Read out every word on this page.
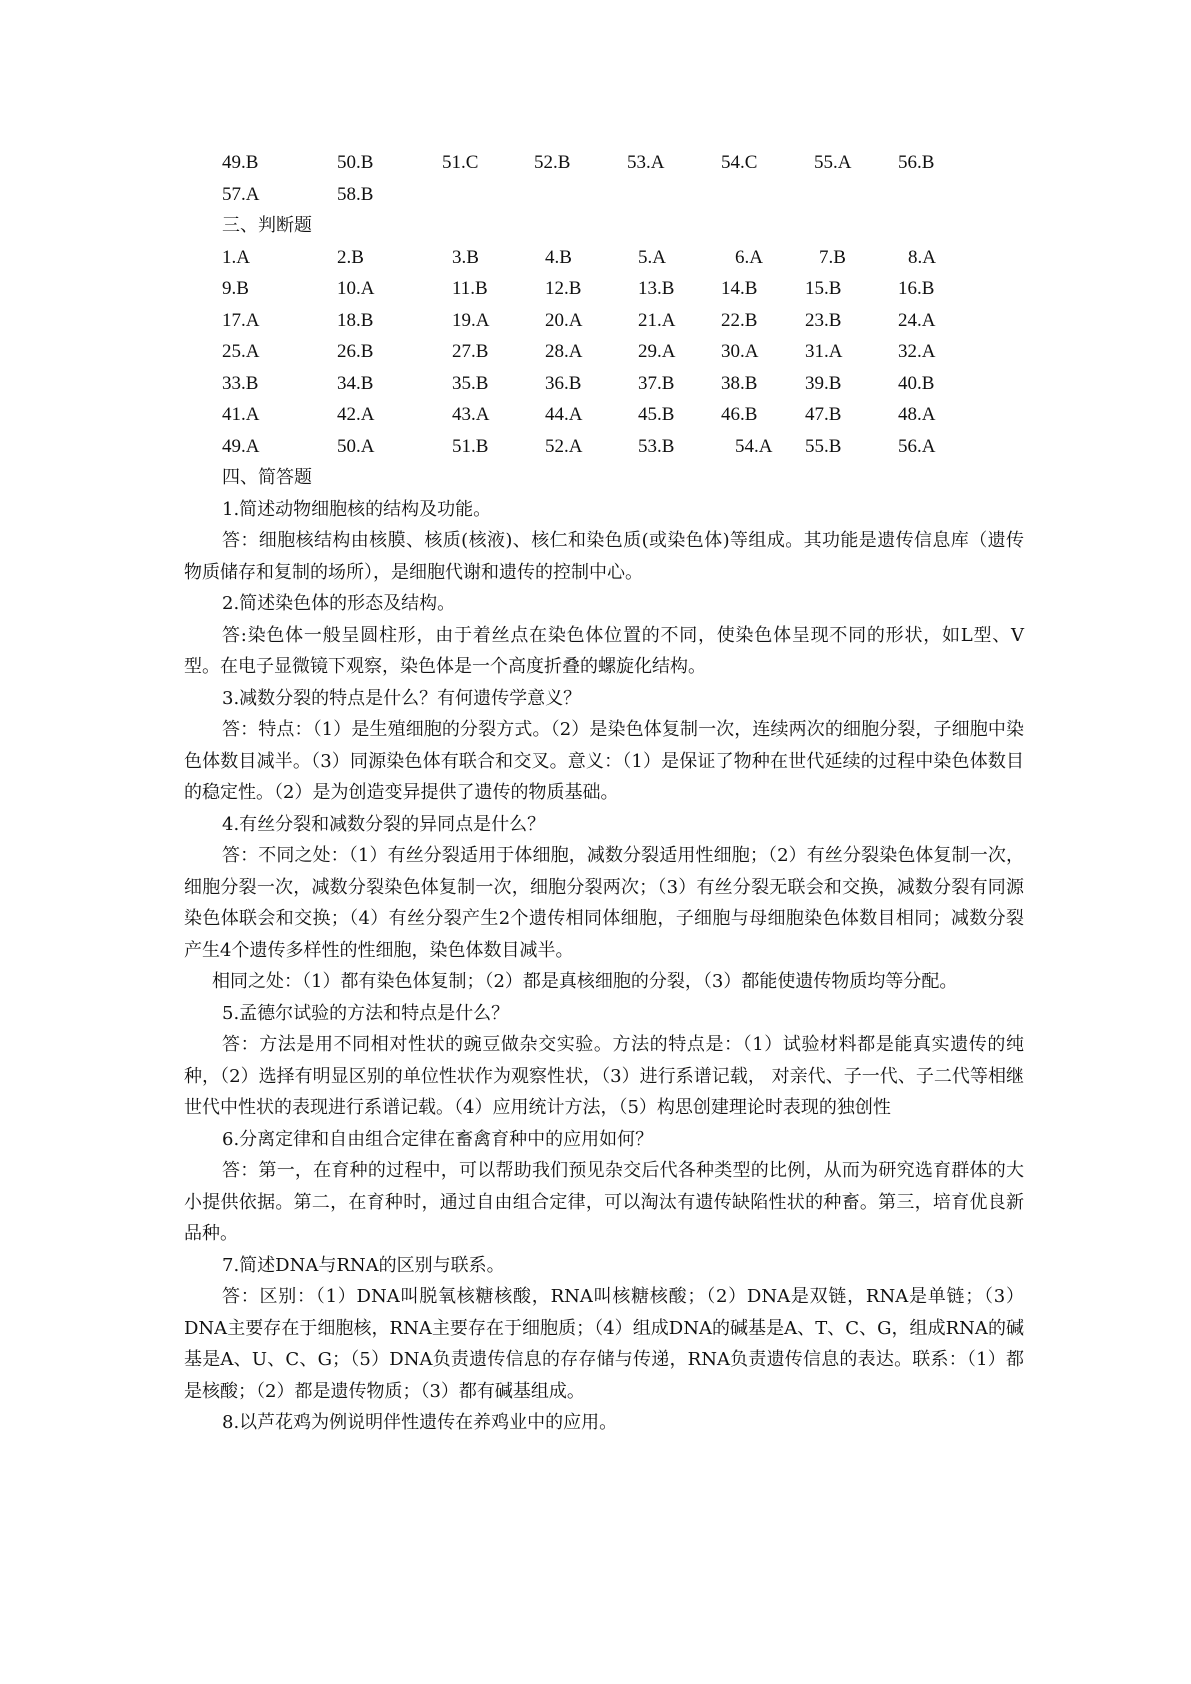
49.B	50.B	51.C	52.B	53.A	54.C	55.A 56.B
57.A	58.B
三、判断题
1.A	2.B	3.B	4.B	5.A	6.A	7.B	8.A
9.B	10.A	11.B	12.B	13.B 14.B	15.B	16.B
17.A	18.B	19.A	20.A	21.A 22.B	23.B	24.A
25.A	26.B	27.B	28.A	29.A 30.A 31.A	32.A
33.B	34.B	35.B	36.B	37.B 38.B	39.B	40.B
41.A	42.A	43.A	44.A	45.B 46.B	47.B	48.A
49.A	50.A	51.B	52.A	53.B	54.A 55.B	56.A
四、简答题
1.简述动物细胞核的结构及功能。
答：细胞核结构由核膜、核质(核液)、核仁和染色质(或染色体)等组成。其功能是遗传信息库（遗传物质储存和复制的场所），是细胞代谢和遗传的控制中心。
2.简述染色体的形态及结构。
答:染色体一般呈圆柱形，由于着丝点在染色体位置的不同，使染色体呈现不同的形状，如L型、V型。在电子显微镜下观察，染色体是一个高度折叠的螺旋化结构。
3.减数分裂的特点是什么？有何遗传学意义？
答：特点：（1）是生殖细胞的分裂方式。（2）是染色体复制一次，连续两次的细胞分裂，子细胞中染色体数目减半。（3）同源染色体有联合和交叉。意义：（1）是保证了物种在世代延续的过程中染色体数目的稳定性。（2）是为创造变异提供了遗传的物质基础。
4.有丝分裂和减数分裂的异同点是什么？
答：不同之处：（1）有丝分裂适用于体细胞，减数分裂适用性细胞；（2）有丝分裂染色体复制一次，细胞分裂一次，减数分裂染色体复制一次，细胞分裂两次；（3）有丝分裂无联会和交换，减数分裂有同源染色体联会和交换；（4）有丝分裂产生2个遗传相同体细胞，子细胞与母细胞染色体数目相同；减数分裂产生4个遗传多样性的性细胞，染色体数目减半。
相同之处：（1）都有染色体复制；（2）都是真核细胞的分裂，（3）都能使遗传物质均等分配。
5.孟德尔试验的方法和特点是什么？
答：方法是用不同相对性状的豌豆做杂交实验。方法的特点是：（1）试验材料都是能真实遗传的纯种，（2）选择有明显区别的单位性状作为观察性状，（3）进行系谱记载， 对亲代、子一代、子二代等相继世代中性状的表现进行系谱记载。（4）应用统计方法，（5）构思创建理论时表现的独创性
6.分离定律和自由组合定律在畜禽育种中的应用如何？
答：第一，在育种的过程中，可以帮助我们预见杂交后代各种类型的比例，从而为研究选育群体的大小提供依据。第二，在育种时，通过自由组合定律，可以淘汰有遗传缺陷性状的种畜。第三，培育优良新品种。
7.简述DNA与RNA的区别与联系。
答：区别：（1）DNA叫脱氧核糖核酸，RNA叫核糖核酸；（2）DNA是双链，RNA是单链；（3）DNA主要存在于细胞核，RNA主要存在于细胞质；（4）组成DNA的碱基是A、T、C、G，组成RNA的碱基是A、U、C、G；（5）DNA负责遗传信息的存存储与传递，RNA负责遗传信息的表达。联系：（1）都是核酸；（2）都是遗传物质；（3）都有碱基组成。
8.以芦花鸡为例说明伴性遗传在养鸡业中的应用。
